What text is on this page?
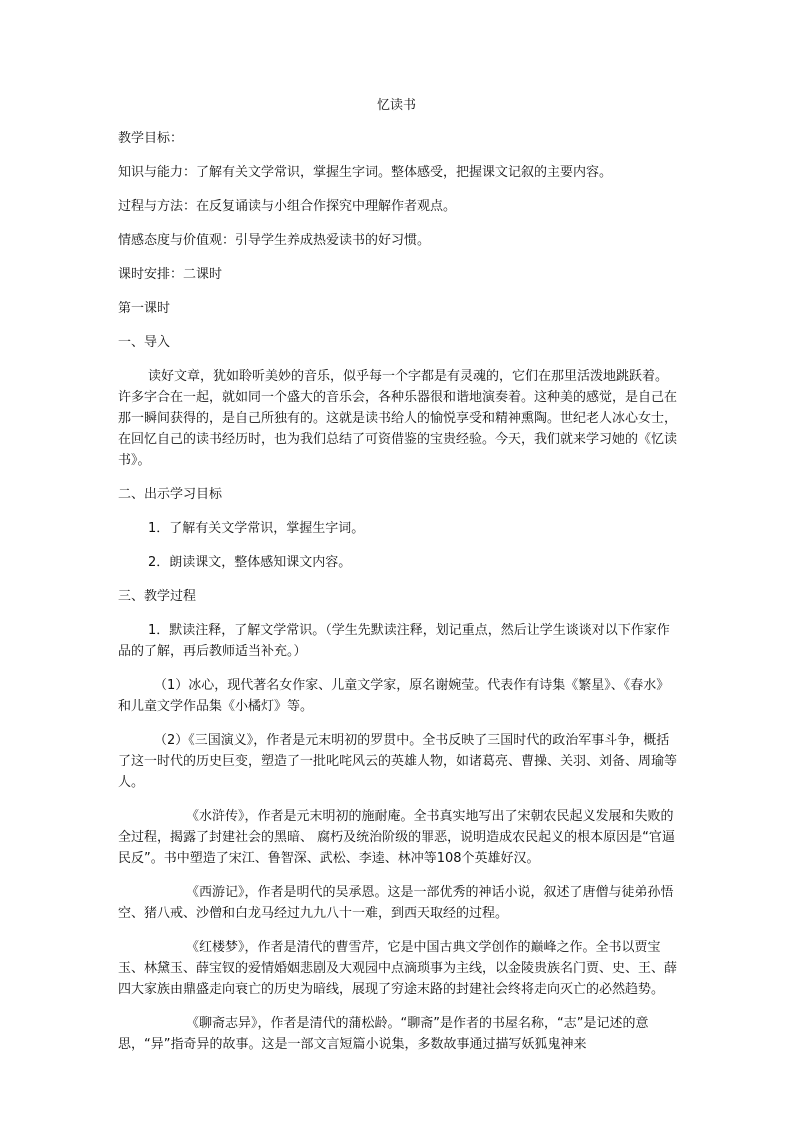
忆读书

教学目标：

知识与能力：了解有关文学常识，掌握生字词。整体感受，把握课文记叙的主要内容。

过程与方法：在反复诵读与小组合作探究中理解作者观点。

情感态度与价值观：引导学生养成热爱读书的好习惯。

课时安排：二课时

第一课时

一、导入

读好文章，犹如聆听美妙的音乐，似乎每一个字都是有灵魂的，它们在那里活泼地跳跃着。许多字合在一起，就如同一个盛大的音乐会，各种乐器很和谐地演奏着。这种美的感觉，是自己在那一瞬间获得的，是自己所独有的。这就是读书给人的愉悦享受和精神熏陶。世纪老人冰心女士，在回忆自己的读书经历时，也为我们总结了可资借鉴的宝贵经验。今天，我们就来学习她的《忆读书》。

二、出示学习目标

1．了解有关文学常识，掌握生字词。

2．朗读课文，整体感知课文内容。

三、教学过程

1．默读注释，了解文学常识。（学生先默读注释，划记重点，然后让学生谈谈对以下作家作品的了解，再后教师适当补充。）

（1）冰心，现代著名女作家、儿童文学家，原名谢婉莹。代表作有诗集《繁星》、《春水》和儿童文学作品集《小橘灯》等。

（2）《三国演义》，作者是元末明初的罗贯中。全书反映了三国时代的政治军事斗争，概括了这一时代的历史巨变，塑造了一批叱咤风云的英雄人物，如诸葛亮、曹操、关羽、刘备、周瑜等人。

《水浒传》，作者是元末明初的施耐庵。全书真实地写出了宋朝农民起义发展和失败的全过程，揭露了封建社会的黑暗、 腐朽及统治阶级的罪恶，说明造成农民起义的根本原因是“官逼民反”。书中塑造了宋江、鲁智深、武松、李逵、林冲等108个英雄好汉。

《西游记》，作者是明代的吴承恩。这是一部优秀的神话小说，叙述了唐僧与徒弟孙悟空、猪八戒、沙僧和白龙马经过九九八十一难，到西天取经的过程。

《红楼梦》，作者是清代的曹雪芹，它是中国古典文学创作的巅峰之作。全书以贾宝玉、林黛玉、薛宝钗的爱情婚姻悲剧及大观园中点滴琐事为主线，以金陵贵族名门贾、史、王、薛四大家族由鼎盛走向衰亡的历史为暗线，展现了穷途末路的封建社会终将走向灭亡的必然趋势。

《聊斋志异》，作者是清代的蒲松龄。“聊斋”是作者的书屋名称，“志”是记述的意思，“异”指奇异的故事。这是一部文言短篇小说集，多数故事通过描写妖狐鬼神来
